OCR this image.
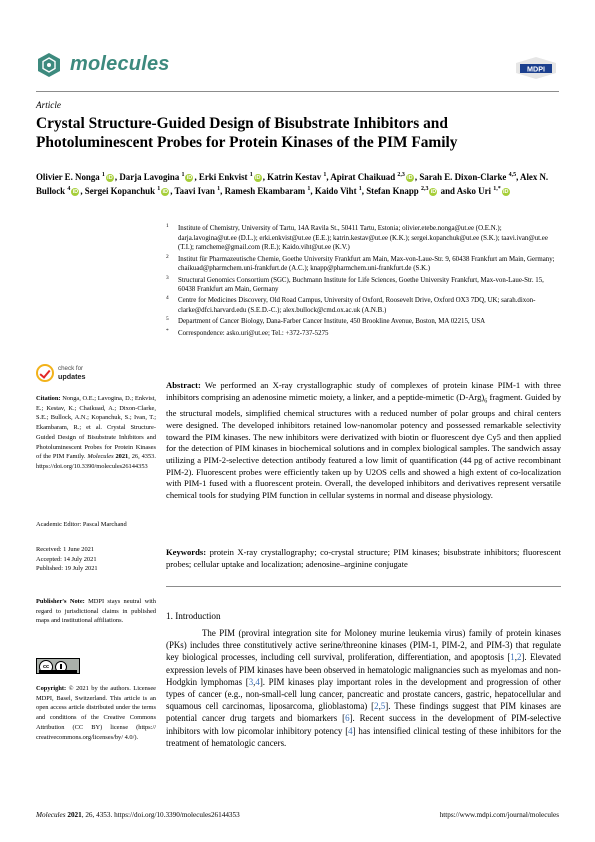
molecules	MDPI
Article
Crystal Structure-Guided Design of Bisubstrate Inhibitors and Photoluminescent Probes for Protein Kinases of the PIM Family
Olivier E. Nonga $^1$ iD , Darja Lavogina $^1$ iD , Erki Enkvist $^1$ iD , Katrin Kestav $^1$, Apirat Chaikuad $^{2,3}$ iD , Sarah E. Dixon-Clarke $^{4,5}$, Alex N. Bullock $^4$ iD , Sergei Kopanchuk $^1$ iD , Taavi Ivan $^1$, Ramesh Ekambaram $^1$, Kaido Viht $^1$, Stefan Knapp $^{2,3}$ iD and Asko Uri $^{1,*}$ iD
1 Institute of Chemistry, University of Tartu, 14A Ravila St., 50411 Tartu, Estonia; olivier.etebe.nonga@ut.ee (O.E.N.); darja.lavogina@ut.ee (D.L.); erki.enkvist@ut.ee (E.E.); katrin.kestav@ut.ee (K.K.); sergei.kopanchuk@ut.ee (S.K.); taavi.ivan@ut.ee (T.I.); ramcheme@gmail.com (R.E.); Kaido.viht@ut.ee (K.V.)
2 Institut für Pharmazeutische Chemie, Goethe University Frankfurt am Main, Max-von-Laue-Str. 9, 60438 Frankfurt am Main, Germany; chaikuad@pharmchem.uni-frankfurt.de (A.C.); knapp@pharmchem.uni-frankfurt.de (S.K.)
3 Structural Genomics Consortium (SGC), Buchmann Institute for Life Sciences, Goethe University Frankfurt, Max-von-Laue-Str. 15, 60438 Frankfurt am Main, Germany
4 Centre for Medicines Discovery, Old Road Campus, University of Oxford, Roosevelt Drive, Oxford OX3 7DQ, UK; sarah.dixon-clarke@dfci.harvard.edu (S.E.D.-C.); alex.bullock@cmd.ox.ac.uk (A.N.B.)
5 Department of Cancer Biology, Dana-Farber Cancer Institute, 450 Brookline Avenue, Boston, MA 02215, USA
* Correspondence: asko.uri@ut.ee; Tel.: +372-737-5275
check for
updates

Citation: Nonga, O.E.; Lavogina, D.; Enkvist, E.; Kestav, K.; Chaikuad, A.; Dixon-Clarke, S.E.; Bullock, A.N.; Kopanchuk, S.; Ivan, T.; Ekambaram, R.; et al. Crystal Structure-Guided Design of Bisubstrate Inhibitors and Photoluminescent Probes for Protein Kinases of the PIM Family. Molecules 2021, 26, 4353. https://doi.org/10.3390/molecules26144353

Academic Editor: Pascal Marchand

Received: 1 June 2021

Accepted: 14 July 2021

Published: 19 July 2021

Publisher's Note: MDPI stays neutral with regard to jurisdictional claims in published maps and institutional affiliations.

cc

Copyright: © 2021 by the authors. Licensee MDPI, Basel, Switzerland. This article is an open access article distributed under the terms and conditions of the Creative Commons Attribution (CC BY) license (https:// creativecommons.org/licenses/by/ 4.0/).

Abstract: We performed an X-ray crystallographic study of complexes of protein kinase PIM-1 with three inhibitors comprising an adenosine mimetic moiety, a linker, and a peptide-mimetic $(D-Arg)_6$ fragment. Guided by the structural models, simplified chemical structures with a reduced number of polar groups and chiral centers were designed. The developed inhibitors retained low-nanomolar potency and possessed remarkable selectivity toward the PIM kinases. The new inhibitors were derivatized with biotin or fluorescent dye Cy5 and then applied for the detection of PIM kinases in biochemical solutions and in complex biological samples. The sandwich assay utilizing a PIM-2-selective detection antibody featured a low limit of quantification (44 pg of active recombinant PIM-2). Fluorescent probes were efficiently taken up by U2OS cells and showed a high extent of co-localization with PIM-1 fused with a fluorescent protein. Overall, the developed inhibitors and derivatives represent versatile chemical tools for studying PIM function in cellular systems in normal and disease physiology.

Keywords: protein X-ray crystallography; co-crystal structure; PIM kinases; bisubstrate inhibitors; fluorescent probes; cellular uptake and localization; adenosine–arginine conjugate
1. Introduction
The PIM (proviral integration site for Moloney murine leukemia virus) family of protein kinases (PKs) includes three constitutively active serine/threonine kinases (PIM-1, PIM-2, and PIM-3) that regulate key biological processes, including cell survival, proliferation, differentiation, and apoptosis [1,2]. Elevated expression levels of PIM kinases have been observed in hematologic malignancies such as myelomas and non-Hodgkin lymphomas [3,4]. PIM kinases play important roles in the development and progression of other types of cancer (e.g., non-small-cell lung cancer, pancreatic and prostate cancers, gastric, hepatocellular and squamous cell carcinomas, liposarcoma, glioblastoma) [2,5]. These findings suggest that PIM kinases are potential cancer drug targets and biomarkers [6]. Recent success in the development of PIM-selective inhibitors with low picomolar inhibitory potency [4] has intensified clinical testing of these inhibitors for the treatment of hematologic cancers.
Molecules 2021, 26, 4353. https://doi.org/10.3390/molecules26144353	https://www.mdpi.com/journal/molecules
